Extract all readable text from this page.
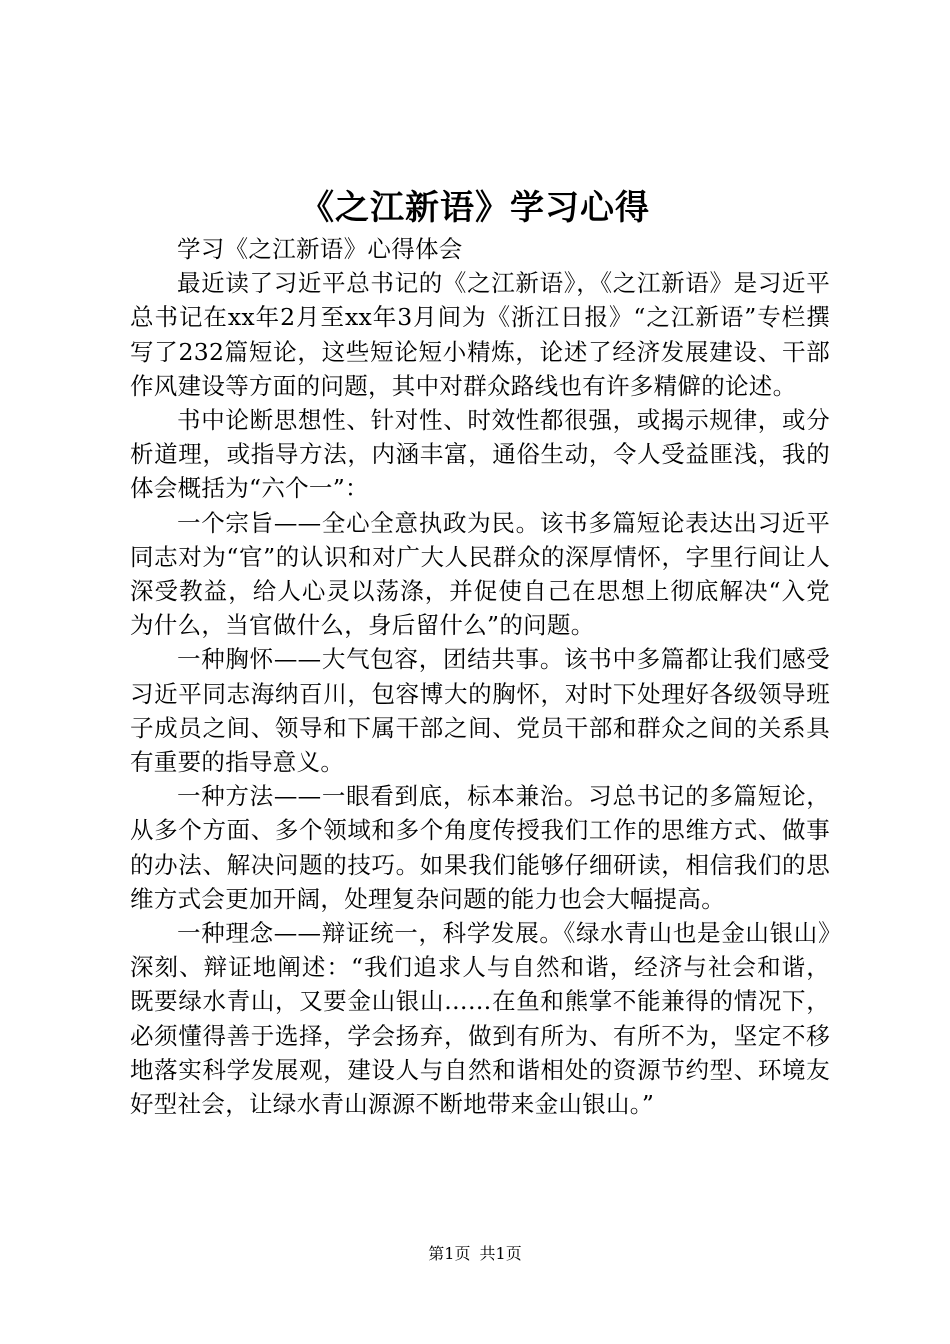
《之江新语》学习心得

学习《之江新语》心得体会

最近读了习近平总书记的《之江新语》，《之江新语》是习近平总书记在xx年2月至xx年3月间为《浙江日报》“之江新语”专栏撰写了232篇短论，这些短论短小精炼，论述了经济发展建设、干部作风建设等方面的问题，其中对群众路线也有许多精僻的论述。

书中论断思想性、针对性、时效性都很强，或揭示规律，或分析道理，或指导方法，内涵丰富，通俗生动，令人受益匪浅，我的体会概括为“六个一”：

一个宗旨——全心全意执政为民。该书多篇短论表达出习近平同志对为“官”的认识和对广大人民群众的深厚情怀，字里行间让人深受教益，给人心灵以荡涤，并促使自己在思想上彻底解决“入党为什么，当官做什么，身后留什么”的问题。

一种胸怀——大气包容，团结共事。该书中多篇都让我们感受习近平同志海纳百川，包容博大的胸怀，对时下处理好各级领导班子成员之间、领导和下属干部之间、党员干部和群众之间的关系具有重要的指导意义。

一种方法——一眼看到底，标本兼治。习总书记的多篇短论，从多个方面、多个领域和多个角度传授我们工作的思维方式、做事的办法、解决问题的技巧。如果我们能够仔细研读，相信我们的思维方式会更加开阔，处理复杂问题的能力也会大幅提高。

一种理念——辩证统一，科学发展。《绿水青山也是金山银山》深刻、辩证地阐述：“我们追求人与自然和谐，经济与社会和谐，既要绿水青山，又要金山银山……在鱼和熊掌不能兼得的情况下，必须懂得善于选择，学会扬弃，做到有所为、有所不为，坚定不移地落实科学发展观，建设人与自然和谐相处的资源节约型、环境友好型社会，让绿水青山源源不断地带来金山银山。”

第1页 共1页
